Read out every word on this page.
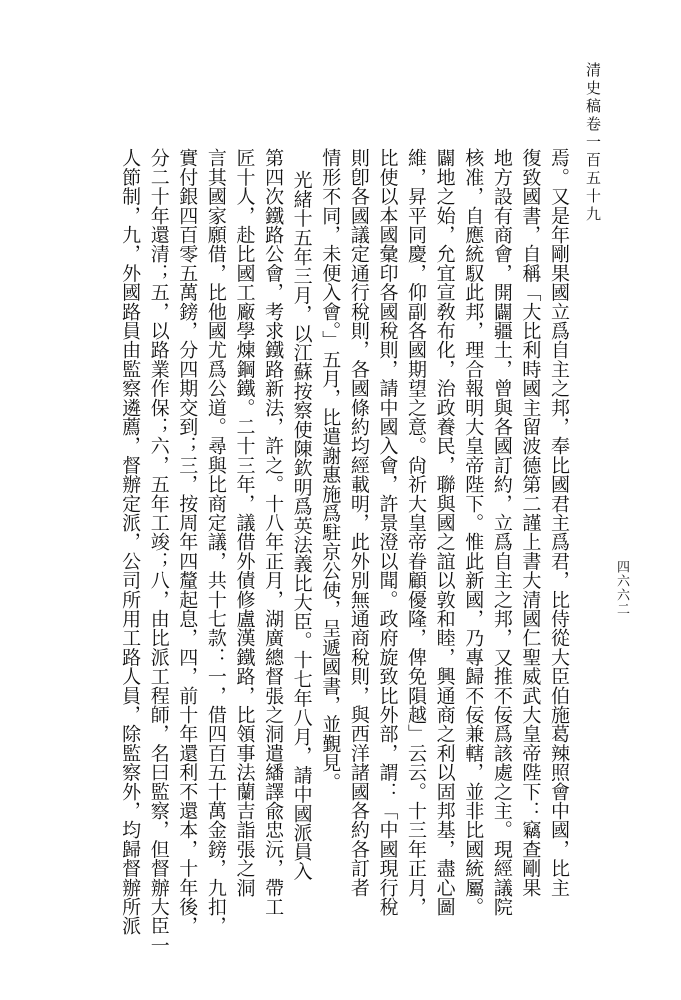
清史稿卷一百五十九
四六六二
焉。又是年剛果國立爲自主之邦，奉比國君主爲君，比侍從大臣伯施葛辣照會中國，比主
復致國書，自稱「大比利時國主留波德第二謹上書大清國仁聖威武大皇帝陛下：竊查剛果
地方設有商會，開闢疆土，曾與各國訂約，立爲自主之邦，又推不佞爲該處之主。現經議院
核准，自應統馭此邦，理合報明大皇帝陛下。惟此新國，乃專歸不佞兼轄，並非比國統屬。
闢地之始，允宜宣敎布化，治政養民，聯與國之誼以敦和睦，興通商之利以固邦基，盡心圖
維，昇平同慶，仰副各國期望之意。尙祈大皇帝眷顧優隆，俾免隕越」云云。十三年正月，
比使以本國彙印各國稅則，請中國入會，許景澄以聞。政府旋致比外部，謂：「中國現行稅
則卽各國議定通行稅則，各國條約均經載明，此外別無通商稅則，與西洋諸國各約各訂者
情形不同，未便入會。」五月，比遣謝惠施爲駐京公使，呈遞國書，並覲見。
光緒十五年三月，以江蘇按察使陳欽明爲英法義比大臣。十七年八月，請中國派員入
第四次鐵路公會，考求鐵路新法，許之。十八年正月，湖廣總督張之洞遣繙譯兪忠沅，帶工
匠十人，赴比國工廠學煉鋼鐵。二十三年，議借外債修盧漢鐵路，比領事法蘭吉詣張之洞
言其國家願借，比他國尤爲公道。尋與比商定議，共十七款：一，借四百五十萬金鎊，九扣，
實付銀四百零五萬鎊，分四期交到；三，按周年四釐起息，四，前十年還利不還本，十年後，
分二十年還清；五，以路業作保；六，五年工竣；八，由比派工程師，名曰監察，但督辦大臣一
人節制，九，外國路員由監察遴薦，督辦定派，公司所用工路人員，除監察外，均歸督辦所派
